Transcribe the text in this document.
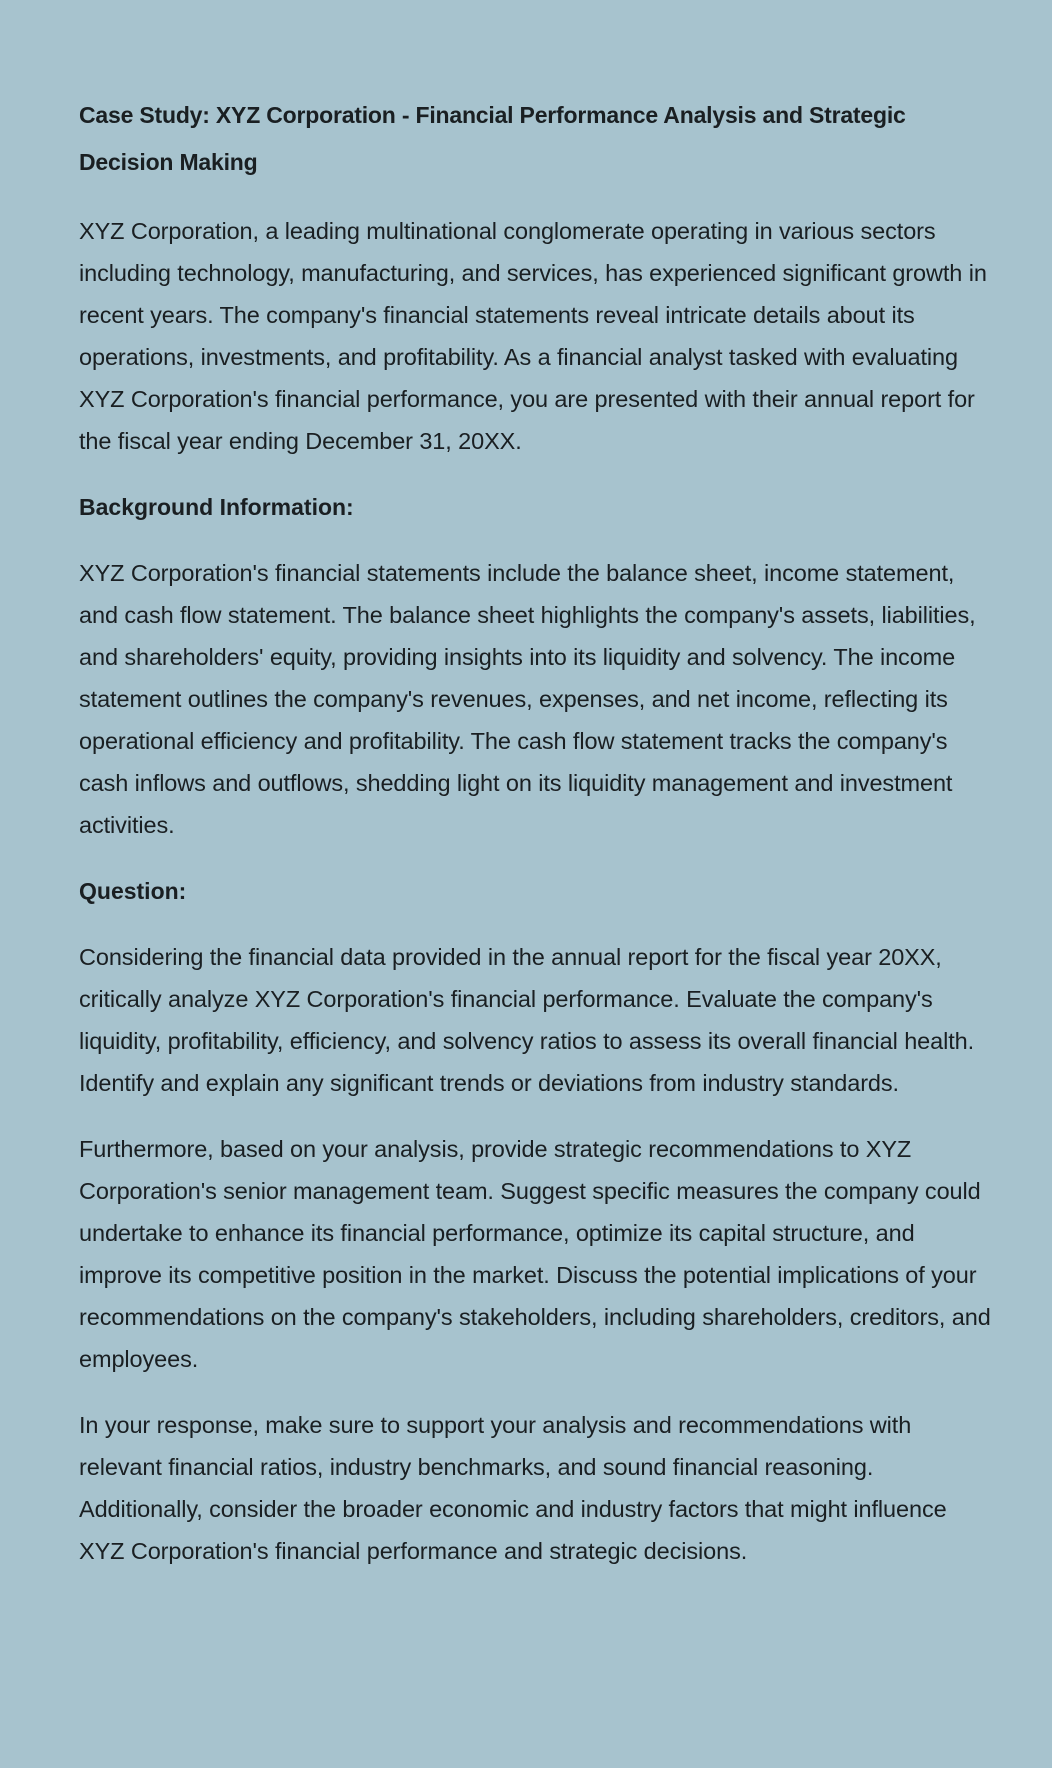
Case Study: XYZ Corporation - Financial Performance Analysis and Strategic Decision Making

XYZ Corporation, a leading multinational conglomerate operating in various sectors including technology, manufacturing, and services, has experienced significant growth in recent years. The company's financial statements reveal intricate details about its operations, investments, and profitability. As a financial analyst tasked with evaluating XYZ Corporation's financial performance, you are presented with their annual report for the fiscal year ending December 31, 20XX.

Background Information:

XYZ Corporation's financial statements include the balance sheet, income statement, and cash flow statement. The balance sheet highlights the company's assets, liabilities, and shareholders' equity, providing insights into its liquidity and solvency. The income statement outlines the company's revenues, expenses, and net income, reflecting its operational efficiency and profitability. The cash flow statement tracks the company's cash inflows and outflows, shedding light on its liquidity management and investment activities.

Question:

Considering the financial data provided in the annual report for the fiscal year 20XX, critically analyze XYZ Corporation's financial performance. Evaluate the company's liquidity, profitability, efficiency, and solvency ratios to assess its overall financial health. Identify and explain any significant trends or deviations from industry standards.

Furthermore, based on your analysis, provide strategic recommendations to XYZ Corporation's senior management team. Suggest specific measures the company could undertake to enhance its financial performance, optimize its capital structure, and improve its competitive position in the market. Discuss the potential implications of your recommendations on the company's stakeholders, including shareholders, creditors, and employees.

In your response, make sure to support your analysis and recommendations with relevant financial ratios, industry benchmarks, and sound financial reasoning. Additionally, consider the broader economic and industry factors that might influence XYZ Corporation's financial performance and strategic decisions.
